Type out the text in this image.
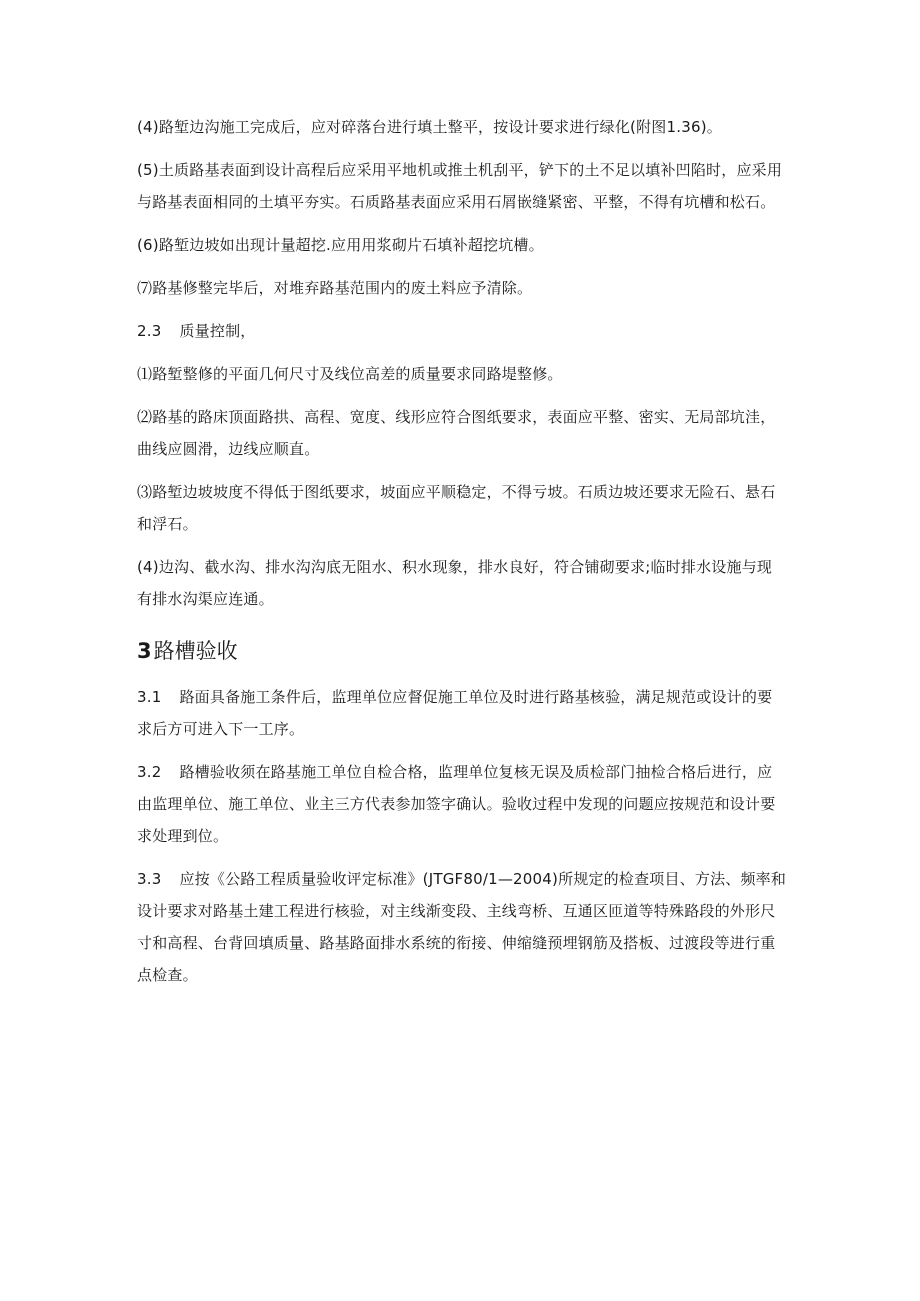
(4)路堑边沟施工完成后，应对碎落台进行填土整平，按设计要求进行绿化(附图1.36)。

(5)土质路基表面到设计高程后应采用平地机或推土机刮平，铲下的土不足以填补凹陷时，应采用与路基表面相同的土填平夯实。石质路基表面应采用石屑嵌缝紧密、平整，不得有坑槽和松石。

(6)路堑边坡如出现计量超挖.应用用浆砌片石填补超挖坑槽。

⑺路基修整完毕后，对堆弃路基范围内的废土料应予清除。

2.3 质量控制，

⑴路堑整修的平面几何尺寸及线位高差的质量要求同路堤整修。

⑵路基的路床顶面路拱、高程、宽度、线形应符合图纸要求，表面应平整、密实、无局部坑洼，曲线应圆滑，边线应顺直。

⑶路堑边坡坡度不得低于图纸要求，坡面应平顺稳定，不得亏坡。石质边坡还要求无险石、悬石和浮石。

(4)边沟、截水沟、排水沟沟底无阻水、积水现象，排水良好，符合铺砌要求;临时排水设施与现有排水沟渠应连通。

3路槽验收

3.1 路面具备施工条件后，监理单位应督促施工单位及时进行路基核验，满足规范或设计的要求后方可进入下一工序。

3.2 路槽验收须在路基施工单位自检合格，监理单位复核无误及质检部门抽检合格后进行，应由监理单位、施工单位、业主三方代表参加签字确认。验收过程中发现的问题应按规范和设计要求处理到位。

3.3 应按《公路工程质量验收评定标准》(JTGF80/1—2004)所规定的检查项目、方法、频率和设计要求对路基土建工程进行核验，对主线渐变段、主线弯桥、互通区匝道等特殊路段的外形尺寸和高程、台背回填质量、路基路面排水系统的衔接、伸缩缝预埋钢筋及搭板、过渡段等进行重点检查。
